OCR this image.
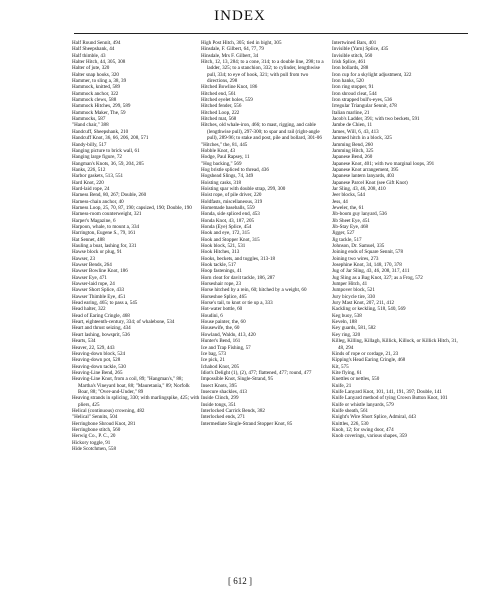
INDEX
Half Round Sennit, 494
Half Sheepshank, 44
Half thimble, 43
Halter Hitch, 44, 305, 308
Halter of jute, 320
Halter snap hooks, 320
Hammer, to sling a, 38, 39
Hammock, knitted, 589
Hammock anchor, 322
Hammock clews, 588
Hammock Hitches, 299, 589
Hammock Maker, The, 59
Hammocks, 587
"Hand chair," 388
Handcuff, Sheepshank, 210
Handcuff Knot, 36, 66, 206, 208, 571
Handy-billy, 517
Hanging picture to brick wall, 61
Hanging large figure, 72
Hangman's Knots, 36, 59, 204, 205
Hanks, 226, 512
Harbor gaskets, 513, 551
Hard Knot, 220
Hard-laid rope, 24
Harness Bend, 80, 267; Double, 260
Harness-chain anchor, 40
Harness Loop, 25, 70, 87, 190; capsized, 190; Double, 190
Harness-room counterweight, 321
Harper's Magazine, 6
Harpoon, whale, to mount a, 334
Harrington, Eugene S., 79, 161
Hat Sennet, 488
Hauling a boat, lashing for, 331
Hawse block or plug, 91
Hawser, 23
Hawser Bends, 264
Hawser Bowline Knot, 186
Hawser Eye, 471
Hawser-laid rope, 24
Hawser Short Splice, 433
Hawser Thimble Eye, 451
Head earing, 465; to pass a, 545
Head halter, 322
Head of Earing Cringle, 468
Heart, eighteenth-century, 334; of whalebone, 534
Heart and thrust seizing, 434
Heart lashing, bowsprit, 536
Hearts, 534
Heaver, 22, 529, 443
Heaving-down block, 524
Heaving-down pot, 528
Heaving-down tackle, 530
Heaving-Line Bend, 265
Heaving-Line Knot, from a coil, 89; "Hangman's," 88; Martha's Vineyard boat, 88; "Mauretania," 89; Norfolk Boar, 88; "Over-and-Under," 89
Heaving strands in splicing, 330; with marlingspike, 425; with pliers, 425
Helical (continuous) crowning, 482
"Helical" Sennits, 504
Herringbone Shroud Knot, 281
Herringbone stitch, 560
Herwig Co., P. C., 20
Hickory toggle, 91
Hide Scotchmen, 558
High Post Hitch, 305; tied in bight, 305
Hinsdale, F. Gilbert, 64, 77, 79
Hinsdale, Mrs F. Gilbert, 34
Hitch, 12, 13, 284; to a cone, 314; to a double line, 298; to a ladder, 325; to a stanchion, 332; to cylinder, lengthwise pull, 334; to eye of hook, 321; with pull from two directions, 298
Hitched Bowline Knot, 186
Hitched end, 561
Hitched eyelet holes, 559
Hitched fender, 556
Hitched Loop, 222
Hitched mat, 568
Hitches, old whale-iron, 466; to mast, rigging, and cable (lengthwise pull), 297-300; to spar and rail (right-angle pull), 289-96; to stake and post, pile and bollard, 301-06
"Hitches," the, 81, 445
Hobble Knot, 43
Hodge, Paul Rapsey, 11
"Hog backing," 569
Hog bristle spliced to thread, 436
Hogshead Slings, 74, 349
Hoisting casks, 318
Hoisting spar with double strap, 299, 300
Hoist rope, of pile driver, 220
Holdfasts, miscellaneous, 319
Homemade baseballs, 559
Honda, side spliced end, 453
Honda Knot, 43, 187, 205
Honda (Eye) Splice, 454
Hook and eye, 172, 315
Hook and Stopper Knot, 315
Hook block, 521, 531
Hook Hitches, 313
Hooks, beckets, and toggles, 313-18
Hook tackle, 517
Hoop fastenings, 41
Horn cleat for davit tackle, 186, 287
Horseshair rope, 23
Horse hitched by a rein, 60; hitched by a weight, 60
Horseshoe Splice, 465
Horse's tail, to knot or tie up a, 333
Hot-water bottle, 60
Houdini, 6
House painter, the, 60
Housewife, the, 60
Howland, Waldo, 413, 420
Hunter's Bend, 161
Ice and Trap Fishing, 57
Ice bag, 573
Ice pick, 21
Ichabod Knot, 205
Idiot's Delight (1), (2), 477; flattened, 477; round, 477
Impossible Knot, Single-Strand, 95
Insect Knots, 395
Insecure shackles, 413
Inside Clinch, 299
Inside tongs, 351
Interlocked Carrick Bends, 382
Interlocked ends, 271
Intermediate Single-Strand Stopper Knot, 85
Intertwined Bars, 401
Invisible (Yarn) Splice, 435
Invisible stitch, 560
Irish Splice, 461
Iron bollards, 288
Iron cup for a skylight adjustment, 322
Iron hanks, 520
Iron ring stopper, 91
Iron shroud cleat, 544
Iron strapped bull's-eyes, 536
Irregular Triangular Sennit, 478
Italian marline, 21
Jacob's Ladder, 391; with two beckets, 591
Jambe de Chien, 11
James, Will, 6, 43, 413
Jammed hitch in a block, 325
Jamming Bend, 260
Jamming Hitch, 325
Japanese Bend, 260
Japanese Knot, 401; with two marginal loops, 391
Japanese Knot arrangement, 395
Japanese lantern lanyards, 403
Japanese Parcel Knot (see Gift Knot)
Jar Sling, 43, 46, 208, 410
Jeer blocks, 544
Jess, 44
Jeweler, the, 61
Jib-boom guy lanyard, 536
Jib Sheet Eye, 451
Jib-Stay Eye, 468
Jigger, 527
Jig tackle, 517
Johnson, Dr. Samuel, 335
Joining ends of Square Sennit, 578
Joining two wires, 273
Josephine Knot, 34, 148, 170, 378
Jug of Jar Sling, 43, 46, 208, 317, 411
Jug Sling as a Bag Knot, 327; as a Frog, 572
Jumper Hitch, 41
Jumpover block, 521
Jury bicycle tire, 330
Jury Mast Knot, 207, 211, 412
Kackling or keckling, 518, 540, 569
Keg buoy, 538
Keveln, 188
Key guards, 581, 582
Key ring, 320
Killeg, Killing, Killagh, Killick, Killock, or Killick Hitch, 31, 48, 294
Kinds of rope or cordage, 21, 23
Kipping's Head Earing Cringle, 468
Kit, 575
Kite flying, 61
Knettles or nettles, 550
Knife, 21
Knife Lanyard Knot, 101, 141, 191, 397; Double, 141
Knife Lanyard method of tying Crown Button Knot, 101
Knife or whistle lanyards, 579
Knife sheath, 561
Knight's Wire Short Splice, Admiral, 443
Knittles, 226, 530
Knob, 12; for swing door, 474
Knob coverings, various shapes, 359
[ 612 ]
